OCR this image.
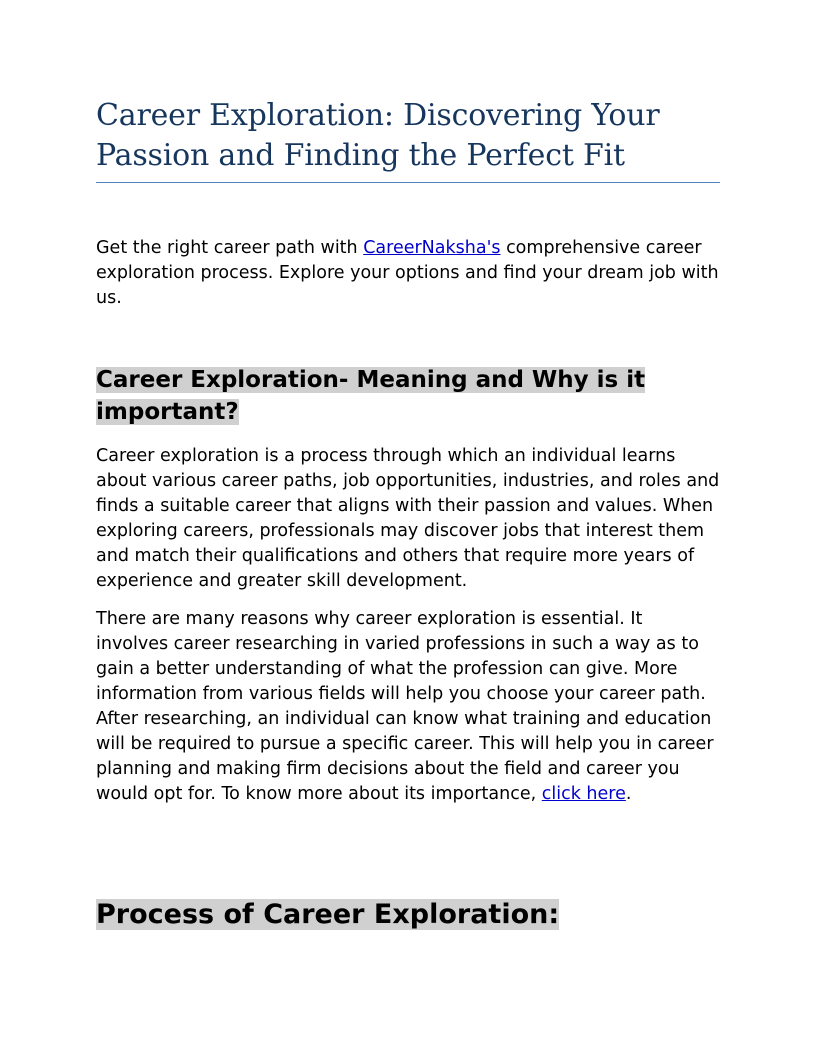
Career Exploration: Discovering Your Passion and Finding the Perfect Fit

Get the right career path with CareerNaksha's comprehensive career exploration process. Explore your options and find your dream job with us.

Career Exploration- Meaning and Why is it important?

Career exploration is a process through which an individual learns about various career paths, job opportunities, industries, and roles and finds a suitable career that aligns with their passion and values. When exploring careers, professionals may discover jobs that interest them and match their qualifications and others that require more years of experience and greater skill development.

There are many reasons why career exploration is essential. It involves career researching in varied professions in such a way as to gain a better understanding of what the profession can give. More information from various fields will help you choose your career path. After researching, an individual can know what training and education will be required to pursue a specific career. This will help you in career planning and making firm decisions about the field and career you would opt for. To know more about its importance, click here.

Process of Career Exploration:
